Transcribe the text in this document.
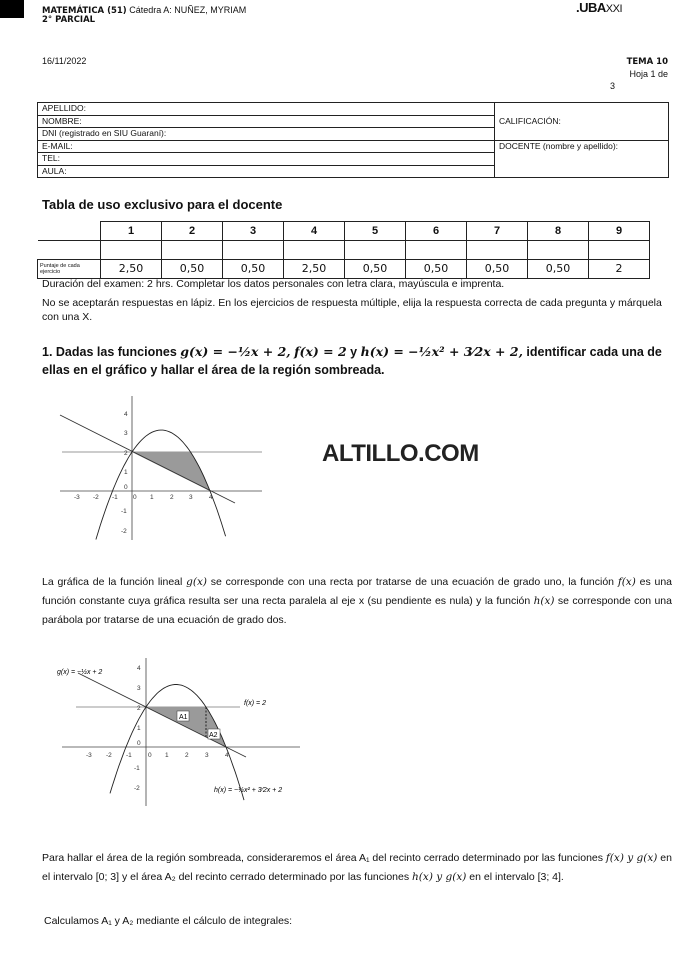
MATEMÁTICA (51) Cátedra A: NUÑEZ, MYRIAM
2° PARCIAL
.UBAXXI
16/11/2022	TEMA 10
Hoja 1 de
3
APELLIDO:	CALIFICACIÓN:
NOMBRE:	
DNI (registrado en SIU Guaraní):	
E-MAIL:	DOCENTE (nombre y apellido):
TEL:	
AULA:	
Tabla de uso exclusivo para el docente
	1	2	3	4	5	6	7	8	9

Puntaje de cada ejercicio	2,50	0,50	0,50	2,50	0,50	0,50	0,50	0,50	2
Duración del examen: 2 hrs. Completar los datos personales con letra clara, mayúscula e imprenta.
No se aceptarán respuestas en lápiz. En los ejercicios de respuesta múltiple, elija la respuesta correcta de cada pregunta y márquela con una X.
1. Dadas las funciones g(x) = −½x + 2, f(x) = 2 y h(x) = −½x² + 3⁄2x + 2, identificar cada una de ellas en el gráfico y hallar el área de la región sombreada.
-3 -2 -1 0 1	2 3	4
4
3
2
1
0
-1
-2
ALTILLO.COM
La gráfica de la función lineal g(x) se corresponde con una recta por tratarse de una ecuación de grado uno, la función f(x) es una función constante cuya gráfica resulta ser una recta paralela al eje x (su pendiente es nula) y la función h(x) se corresponde con una parábola por tratarse de una ecuación de grado dos.
A1
A2
g(x) = −½x + 2
f(x) = 2
h(x) = −½x² + 3⁄2x + 2
-3 -2 -1 0 1	2	3	4
4
3
2
1
0
-1
-2
Para hallar el área de la región sombreada, consideraremos el área A₁ del recinto cerrado determinado por las funciones f(x) y g(x) en el intervalo [0; 3] y el área A₂ del recinto cerrado determinado por las funciones h(x) y g(x) en el intervalo [3; 4].
Calculamos A₁ y A₂ mediante el cálculo de integrales:
